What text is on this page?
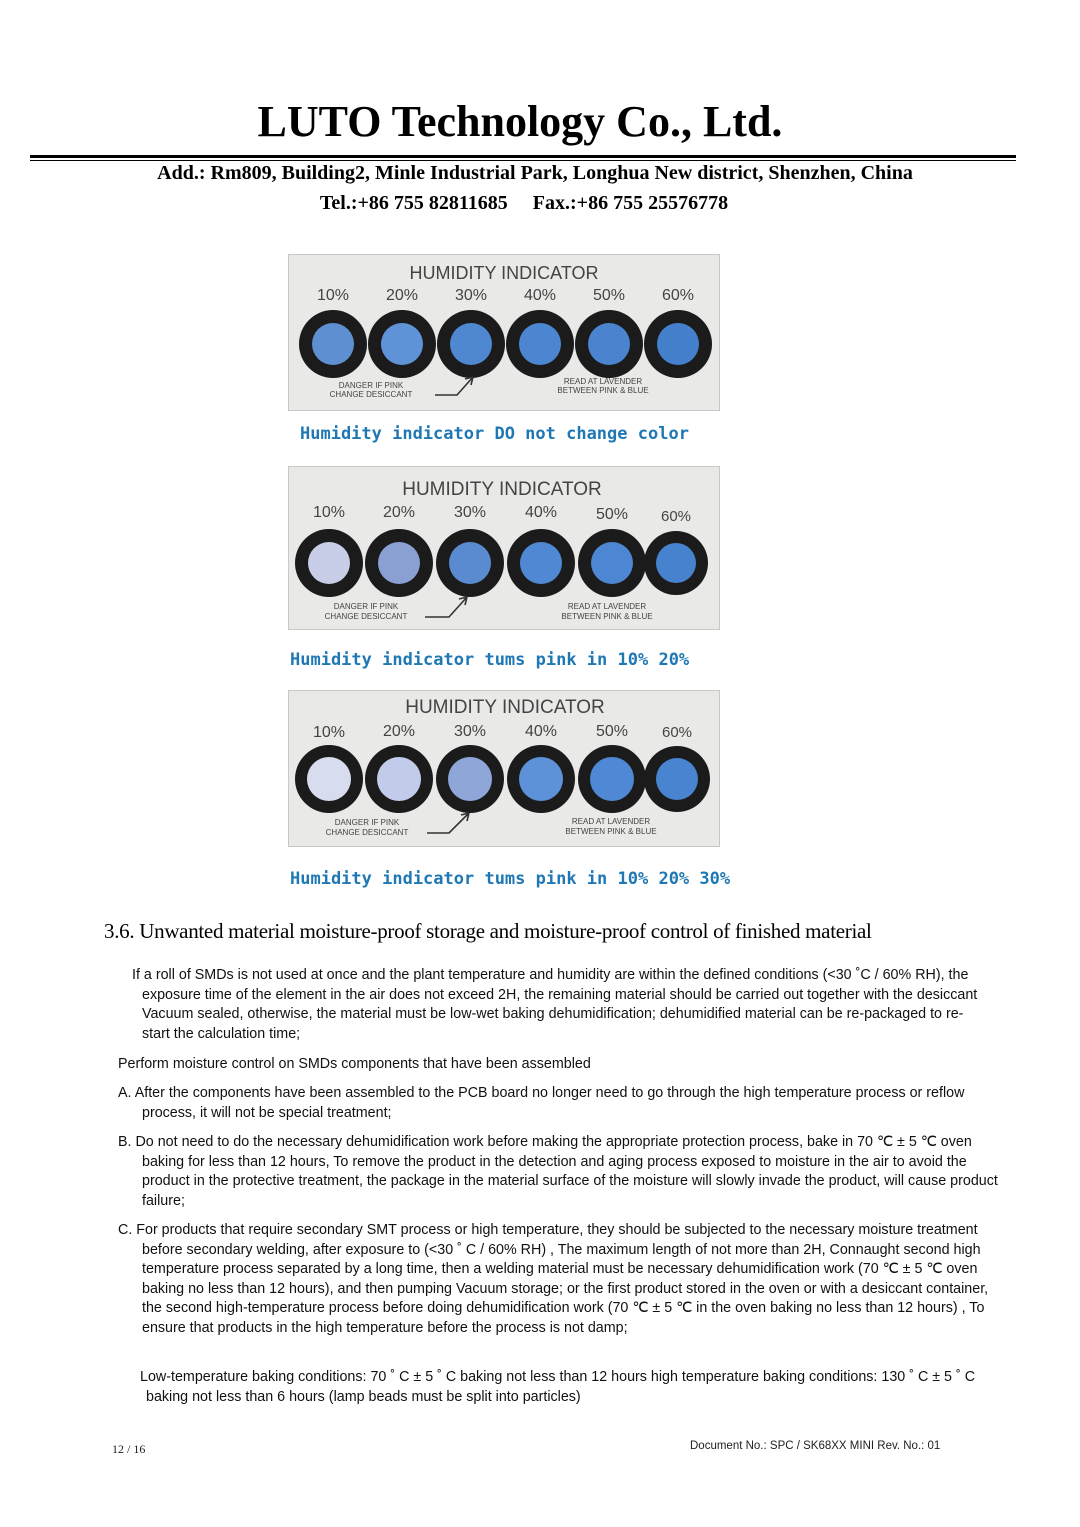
LUTO Technology Co., Ltd.
Add.: Rm809, Building2, Minle Industrial Park, Longhua New district, Shenzhen, China
Tel.:+86 755 82811685     Fax.:+86 755 25576778
HUMIDITY INDICATOR
10% 20% 30% 40% 50% 60%
DANGER IF PINK
CHANGE DESICCANT
READ AT LAVENDER
BETWEEN PINK & BLUE
Humidity indicator DO not change color
HUMIDITY INDICATOR
10% 20% 30% 40% 50% 60%
DANGER IF PINK
CHANGE DESICCANT
READ AT LAVENDER
BETWEEN PINK & BLUE
Humidity indicator tums pink in 10% 20%
HUMIDITY INDICATOR
10% 20% 30% 40% 50% 60%
DANGER IF PINK
CHANGE DESICCANT
READ AT LAVENDER
BETWEEN PINK & BLUE
Humidity indicator tums pink in 10% 20% 30%
3.6. Unwanted material moisture-proof storage and moisture-proof control of finished material
If a roll of SMDs is not used at once and the plant temperature and humidity are within the defined conditions (<30 ˚C / 60% RH), the exposure time of the element in the air does not exceed 2H, the remaining material should be carried out together with the desiccant Vacuum sealed, otherwise, the material must be low-wet baking dehumidification; dehumidified material can be re-packaged to re-start the calculation time;
Perform moisture control on SMDs components that have been assembled
A. After the components have been assembled to the PCB board no longer need to go through the high temperature process or reflow process, it will not be special treatment;
B. Do not need to do the necessary dehumidification work before making the appropriate protection process, bake in 70 ℃ ± 5 ℃ oven baking for less than 12 hours, To remove the product in the detection and aging process exposed to moisture in the air to avoid the product in the protective treatment, the package in the material surface of the moisture will slowly invade the product, will cause product failure;
C. For products that require secondary SMT process or high temperature, they should be subjected to the necessary moisture treatment before secondary welding, after exposure to (<30 ˚ C / 60% RH) , The maximum length of not more than 2H, Connaught second high temperature process separated by a long time, then a welding material must be necessary dehumidification work (70 ℃ ± 5 ℃ oven baking no less than 12 hours), and then pumping Vacuum storage; or the first product stored in the oven or with a desiccant container, the second high-temperature process before doing dehumidification work (70 ℃ ± 5 ℃ in the oven baking no less than 12 hours) , To ensure that products in the high temperature before the process is not damp;
Low-temperature baking conditions: 70 ˚ C ± 5 ˚ C baking not less than 12 hours high temperature baking conditions: 130 ˚ C ± 5 ˚ C baking not less than 6 hours (lamp beads must be split into particles)
12 / 16	Document No.: SPC / SK68XX MINI Rev. No.: 01
